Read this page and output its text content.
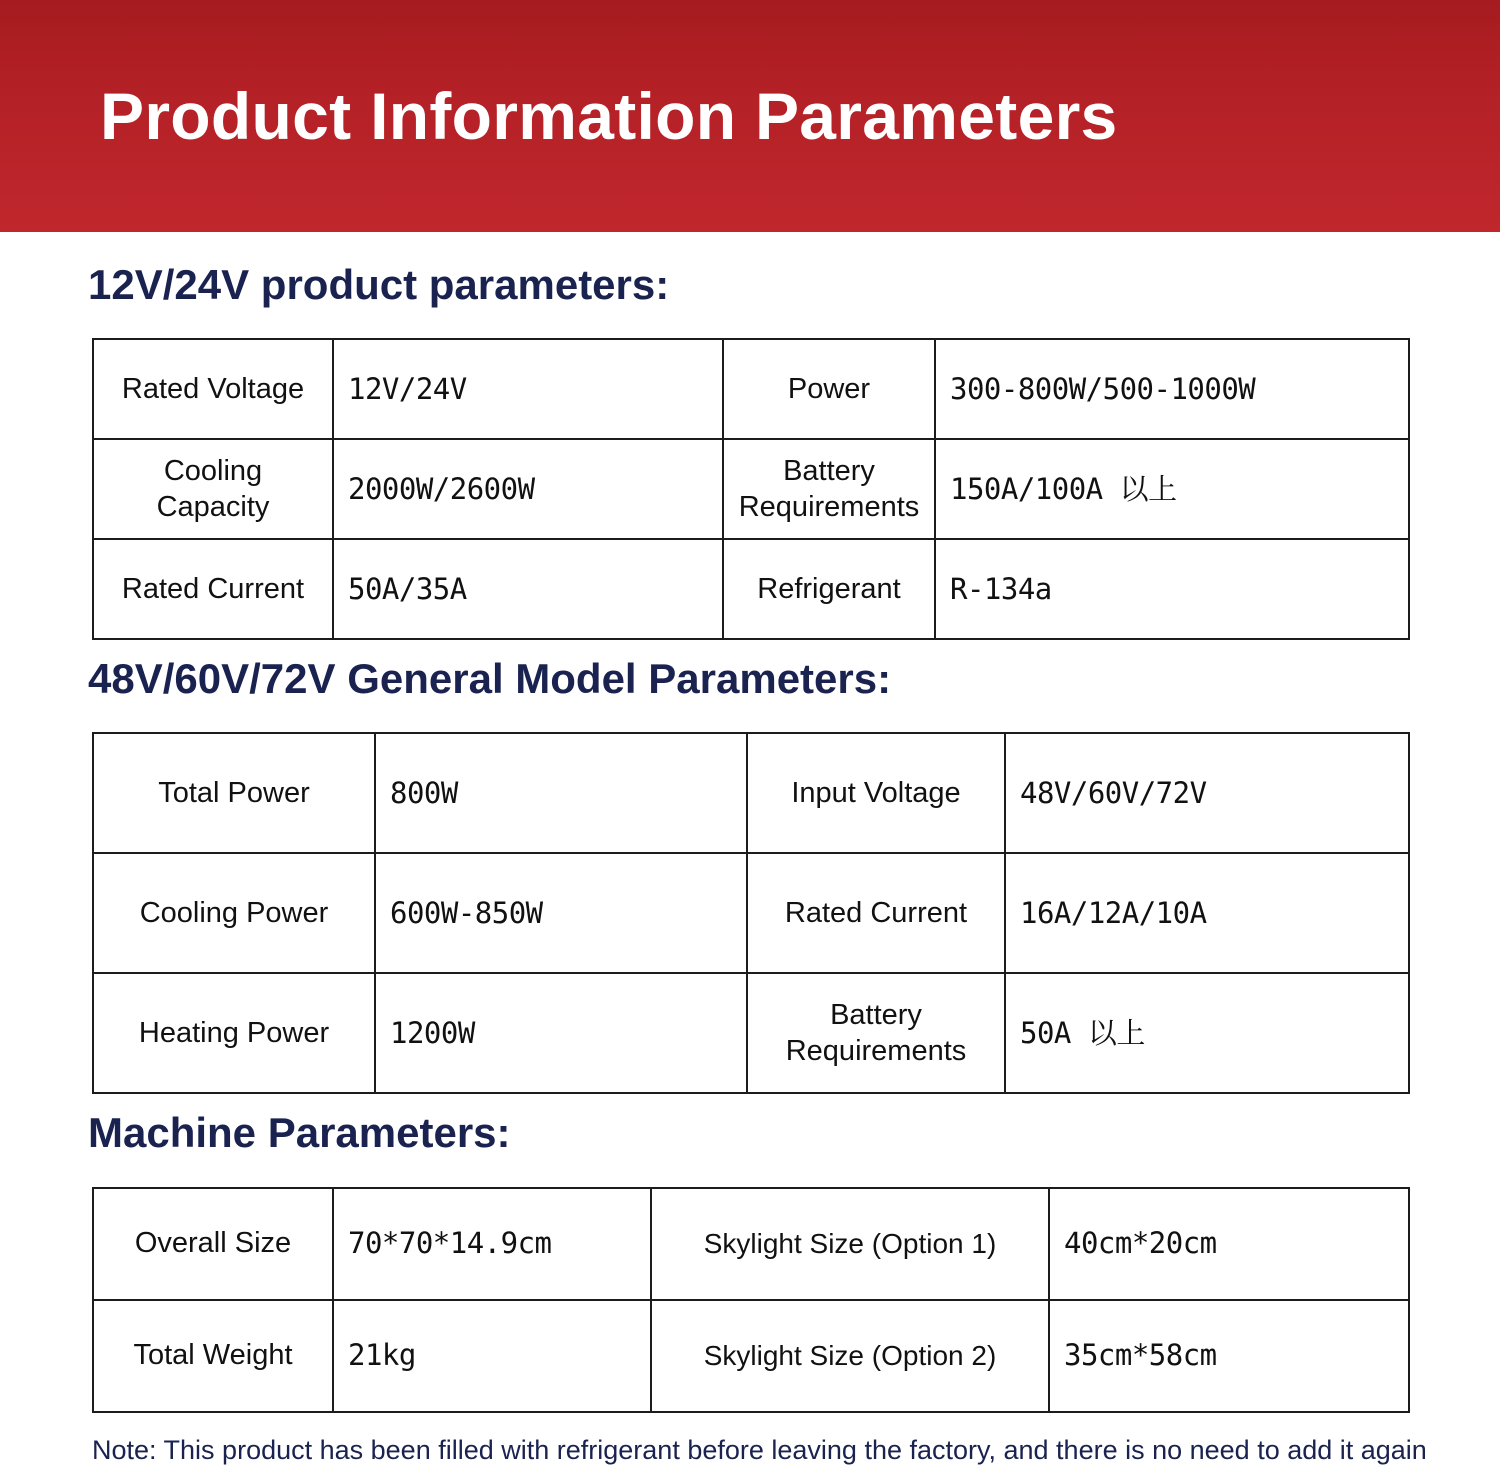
Product Information Parameters
12V/24V product parameters:
Rated Voltage	12V/24V	Power	300-800W/500-1000W
Cooling Capacity	2000W/2600W	Battery Requirements	150A/100A 以上
Rated Current	50A/35A	Refrigerant	R-134a
48V/60V/72V General Model Parameters:
Total Power	800W	Input Voltage	48V/60V/72V
Cooling Power	600W-850W	Rated Current	16A/12A/10A
Heating Power	1200W	Battery Requirements	50A 以上
Machine Parameters:
Overall Size	70*70*14.9cm	Skylight Size (Option 1)	40cm*20cm
Total Weight	21kg	Skylight Size (Option 2)	35cm*58cm
Note: This product has been filled with refrigerant before leaving the factory, and there is no need to add it again
